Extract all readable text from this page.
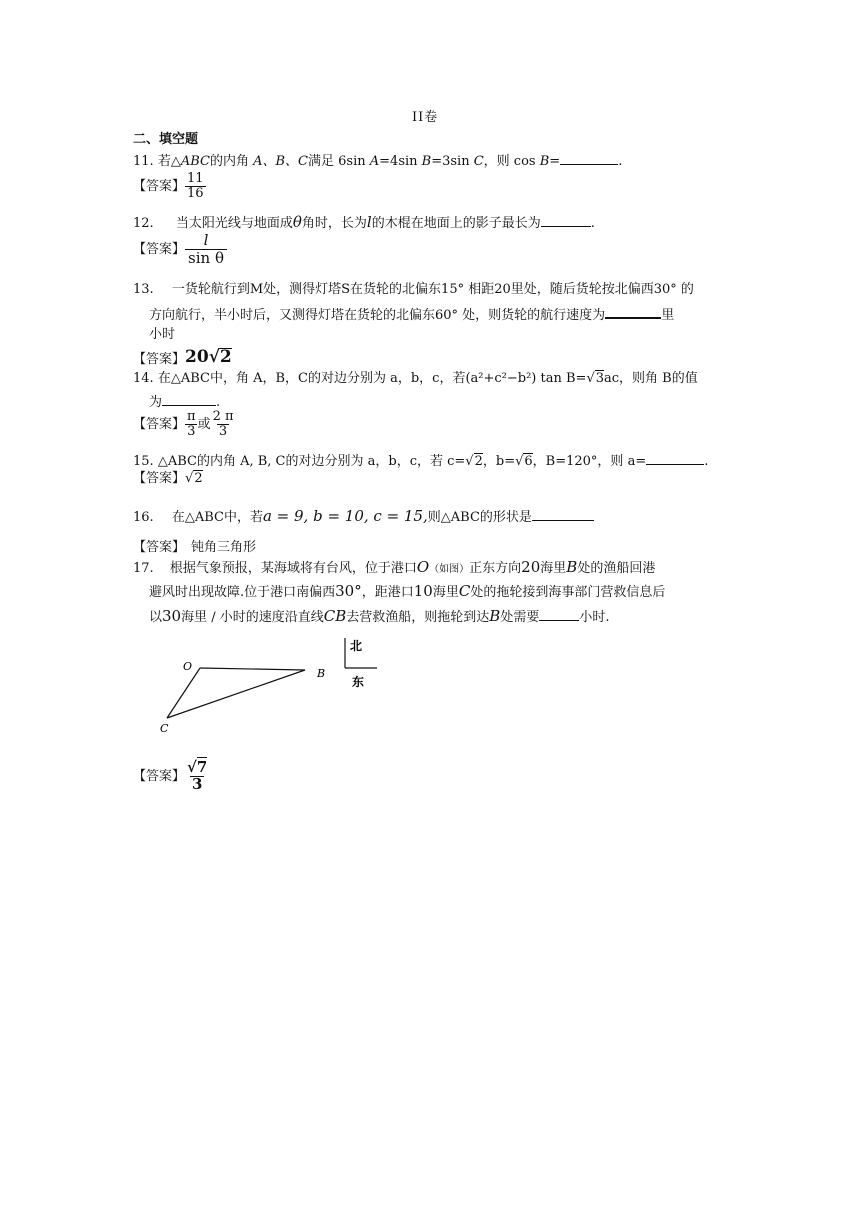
II卷
二、填空题
11. 若△ABC的内角 A、B、C满足 6sin A=4sin B=3sin C，则 cos B=	.
【答案】 $\frac{11}{16}$
12. 当太阳光线与地面成θ角时，长为l的木棍在地面上的影子最长为	.
【答案】 $\frac{l}{\text{sin θ}}$
13. 一货轮航行到M处，测得灯塔S在货轮的北偏东15° 相距20里处，随后货轮按北偏西30° 的
方向航行，半小时后，又测得灯塔在货轮的北偏东60° 处，则货轮的航行速度为	里
小时
【答案】 20 √ 2
14. 在△ABC中，角 A，B，C的对边分别为 a，b，c，若(a²+c²−b²) tan B=√3ac，则角 B的值
为	.
【答案】 $\frac{\pi}{3}$ 或 $\frac{2 \pi}{3}$
15. △ABC的内角 A, B, C的对边分别为 a，b，c，若 c=√2，b=√6，B=120°，则 a=	.
【答案】√2
16. 在△ABC中，若a = 9, b = 10, c = 15,则△ABC的形状是
【答案】 钝角三角形
17. 根据气象预报，某海域将有台风，位于港口O（如图）正东方向20海里B处的渔船回港
避风时出现故障.位于港口南偏西30°，距港口10海里C处的拖轮接到海事部门营救信息后
以30海里 / 小时的速度沿直线CB去营救渔船，则拖轮到达B处需要	小时.
O
B
C
北
东
【答案】 $\frac{√7}{3}$
